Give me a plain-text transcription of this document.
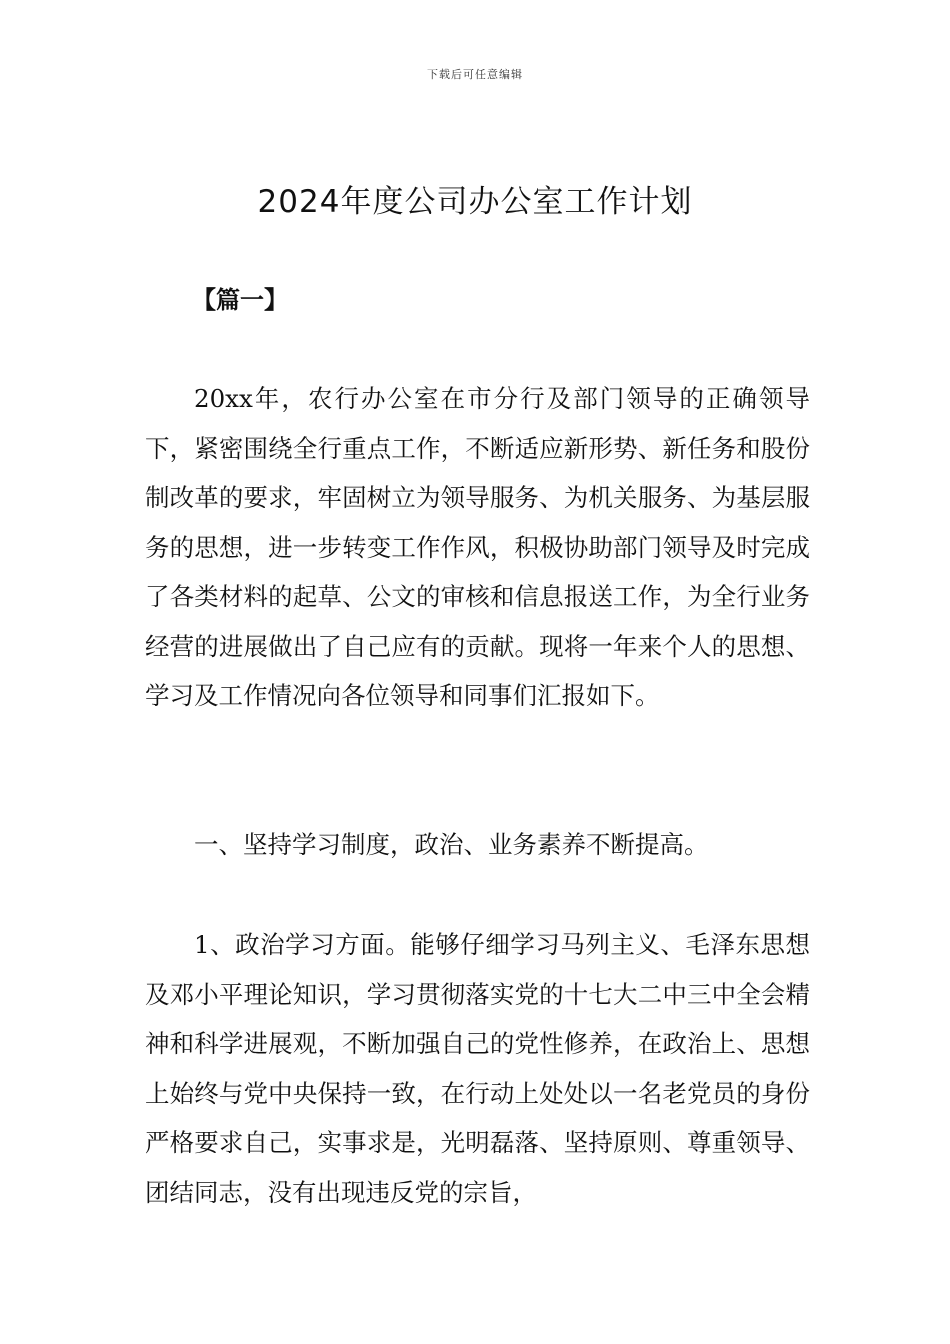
下载后可任意编辑
2024年度公司办公室工作计划
【篇一】

20xx年，农行办公室在市分行及部门领导的正确领导下，紧密围绕全行重点工作，不断适应新形势、新任务和股份制改革的要求，牢固树立为领导服务、为机关服务、为基层服务的思想，进一步转变工作作风，积极协助部门领导及时完成了各类材料的起草、公文的审核和信息报送工作，为全行业务经营的进展做出了自己应有的贡献。现将一年来个人的思想、学习及工作情况向各位领导和同事们汇报如下。

一、坚持学习制度，政治、业务素养不断提高。

1、政治学习方面。能够仔细学习马列主义、毛泽东思想及邓小平理论知识，学习贯彻落实党的十七大二中三中全会精神和科学进展观，不断加强自己的党性修养，在政治上、思想上始终与党中央保持一致，在行动上处处以一名老党员的身份严格要求自己，实事求是，光明磊落、坚持原则、尊重领导、团结同志，没有出现违反党的宗旨，
